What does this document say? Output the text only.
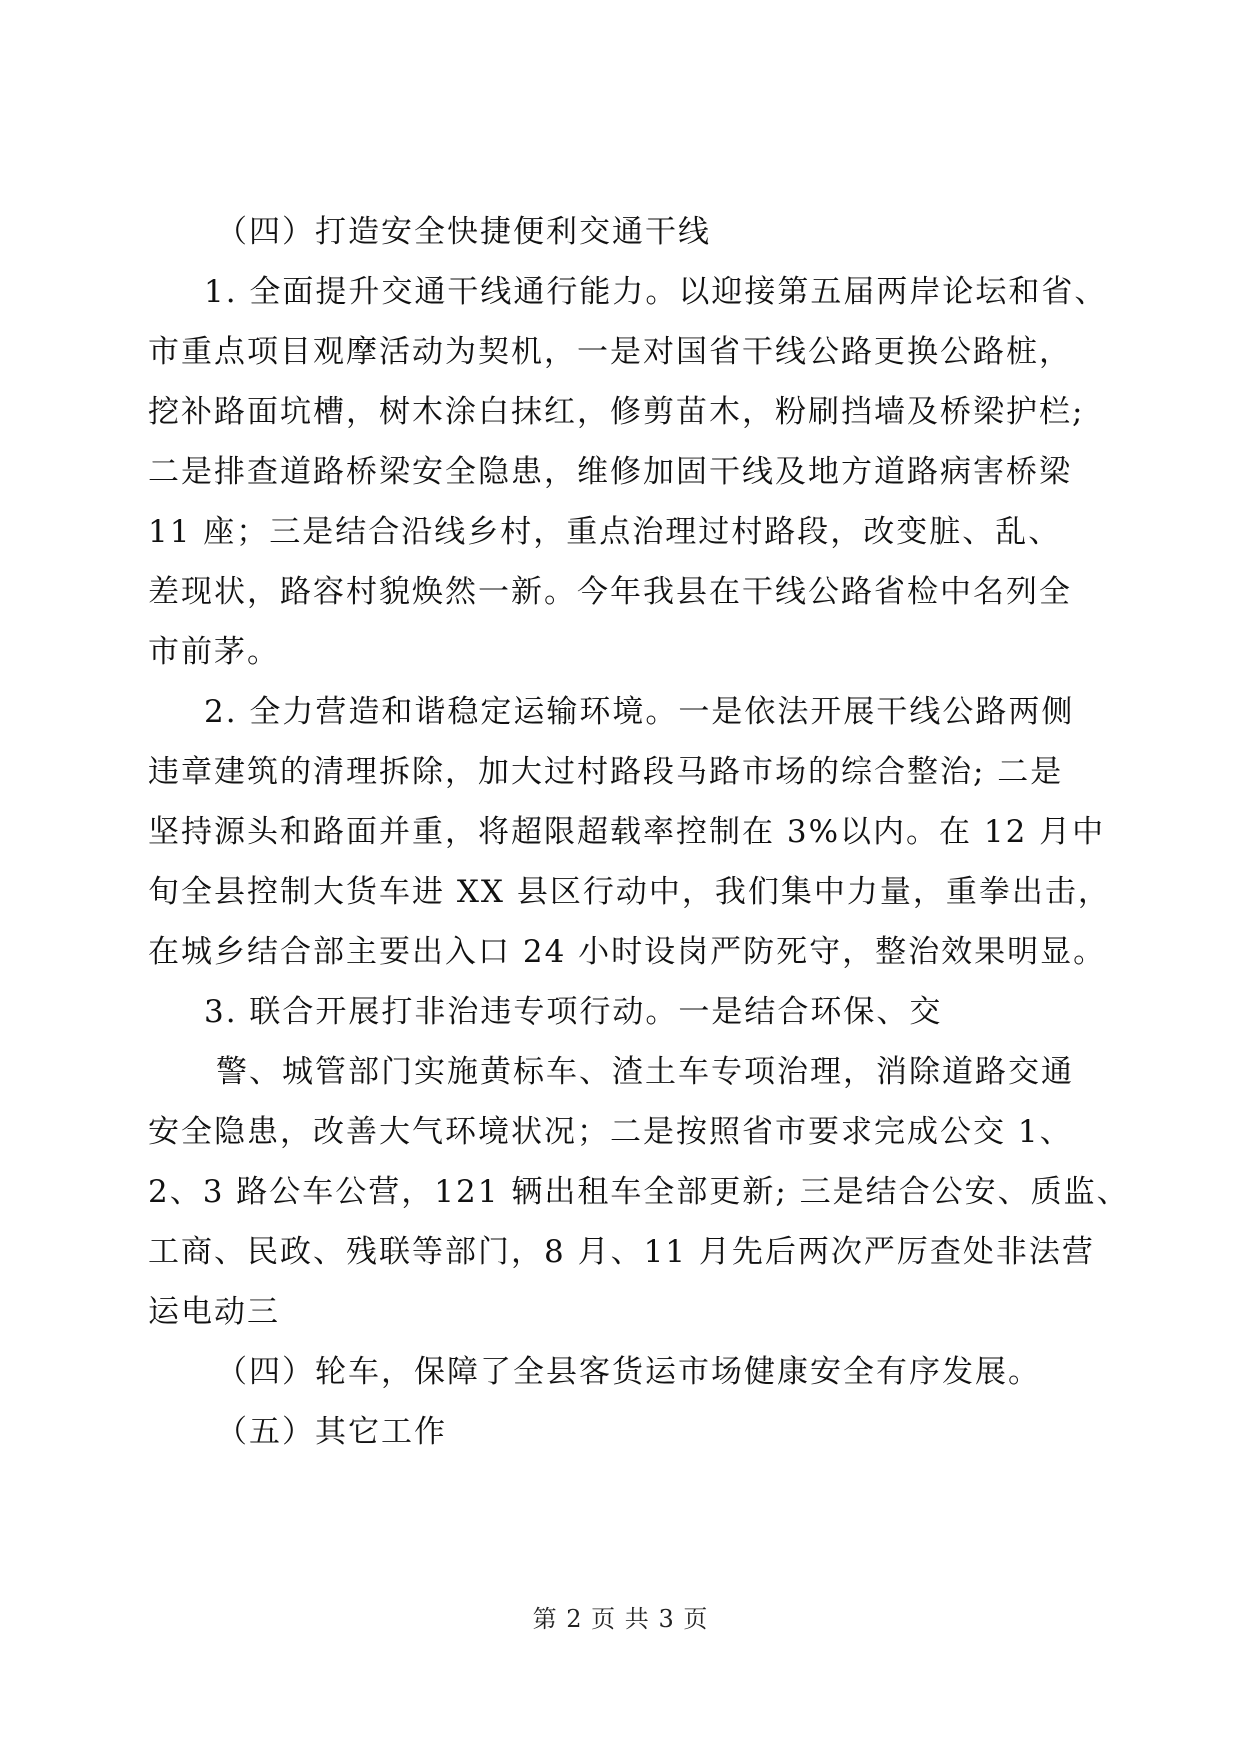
（四）打造安全快捷便利交通干线
1. 全面提升交通干线通行能力。以迎接第五届两岸论坛和省、
市重点项目观摩活动为契机，一是对国省干线公路更换公路桩，
挖补路面坑槽，树木涂白抹红，修剪苗木，粉刷挡墙及桥梁护栏;
二是排查道路桥梁安全隐患，维修加固干线及地方道路病害桥梁
11 座；三是结合沿线乡村，重点治理过村路段，改变脏、乱、
差现状，路容村貌焕然一新。今年我县在干线公路省检中名列全
市前茅。
2. 全力营造和谐稳定运输环境。一是依法开展干线公路两侧
违章建筑的清理拆除，加大过村路段马路市场的综合整治; 二是
坚持源头和路面并重，将超限超载率控制在 3%以内。在 12 月中
旬全县控制大货车进 XX 县区行动中，我们集中力量，重拳出击，
在城乡结合部主要出入口 24 小时设岗严防死守，整治效果明显。
3. 联合开展打非治违专项行动。一是结合环保、交
警、城管部门实施黄标车、渣土车专项治理，消除道路交通
安全隐患，改善大气环境状况；二是按照省市要求完成公交 1、
2、3 路公车公营，121 辆出租车全部更新; 三是结合公安、质监、
工商、民政、残联等部门，8 月、11 月先后两次严厉查处非法营
运电动三
（四）轮车，保障了全县客货运市场健康安全有序发展。
（五）其它工作
第 2 页 共 3 页
